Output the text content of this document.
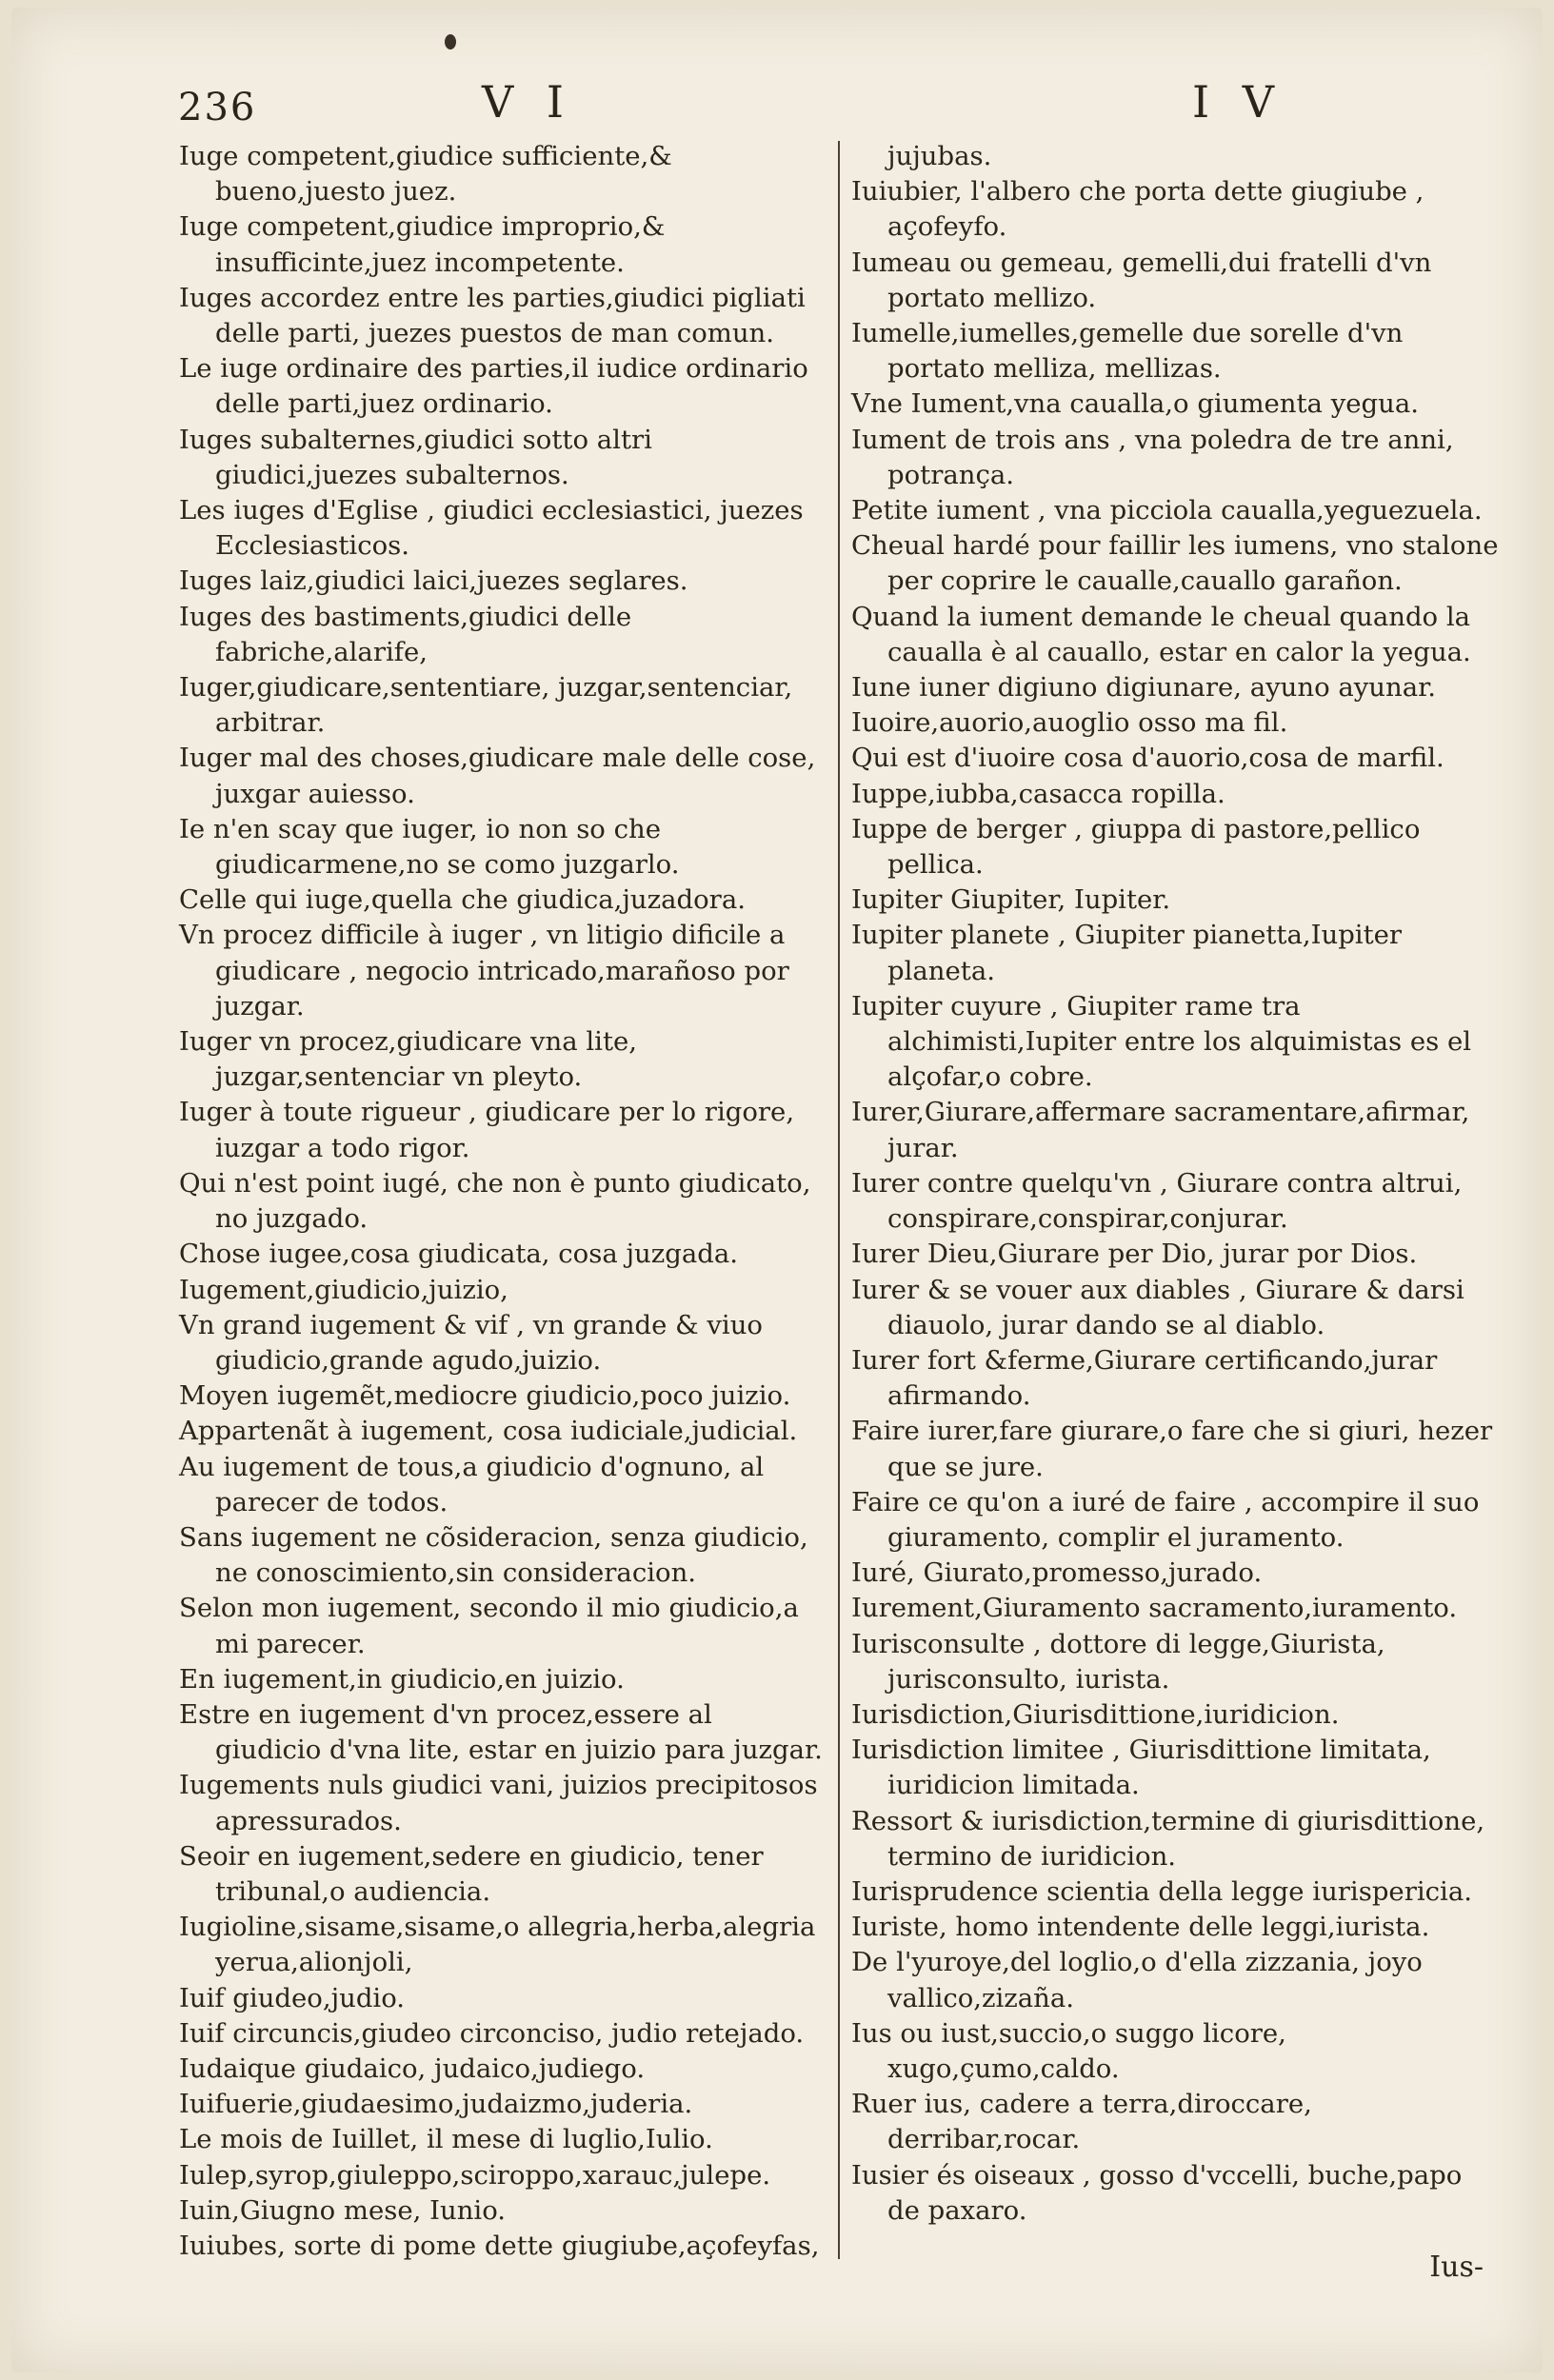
236	V I	I V

Iuge competent,giudice sufficiente,& bueno,juesto juez.

Iuge competent,giudice improprio,& insufficinte,juez incompetente.

Iuges accordez entre les parties,giudici pigliati delle parti, juezes puestos de man comun.

Le iuge ordinaire des parties,il iudice ordinario delle parti,juez ordinario.

Iuges subalternes,giudici sotto altri giudici,juezes subalternos.

Les iuges d'Eglise , giudici ecclesiastici, juezes Ecclesiasticos.

Iuges laiz,giudici laici,juezes seglares.

Iuges des bastiments,giudici delle fabriche,alarife,

Iuger,giudicare,sententiare, juzgar,sentenciar, arbitrar.

Iuger mal des choses,giudicare male delle cose, juxgar auiesso.

Ie n'en scay que iuger, io non so che giudicarmene,no se como juzgarlo.

Celle qui iuge,quella che giudica,juzadora.

Vn procez difficile à iuger , vn litigio dificile a giudicare , negocio intricado,marañoso por juzgar.

Iuger vn procez,giudicare vna lite, juzgar,sentenciar vn pleyto.

Iuger à toute rigueur , giudicare per lo rigore, iuzgar a todo rigor.

Qui n'est point iugé, che non è punto giudicato, no juzgado.

Chose iugee,cosa giudicata, cosa juzgada.

Iugement,giudicio,juizio,

Vn grand iugement & vif , vn grande & viuo giudicio,grande agudo,juizio.

Moyen iugemẽt,mediocre giudicio,poco juizio.

Appartenãt à iugement, cosa iudiciale,judicial.

Au iugement de tous,a giudicio d'ognuno, al parecer de todos.

Sans iugement ne cõsideracion, senza giudicio, ne conoscimiento,sin consideracion.

Selon mon iugement, secondo il mio giudicio,a mi parecer.

En iugement,in giudicio,en juizio.

Estre en iugement d'vn procez,essere al giudicio d'vna lite, estar en juizio para juzgar.

Iugements nuls giudici vani, juizios precipitosos apressurados.

Seoir en iugement,sedere en giudicio, tener tribunal,o audiencia.

Iugioline,sisame,sisame,o allegria,herba,alegria yerua,alionjoli,

Iuif giudeo,judio.

Iuif circuncis,giudeo circonciso, judio retejado.

Iudaique giudaico, judaico,judiego.

Iuifuerie,giudaesimo,judaizmo,juderia.

Le mois de Iuillet, il mese di luglio,Iulio.

Iulep,syrop,giuleppo,sciroppo,xarauc,julepe.

Iuin,Giugno mese, Iunio.

Iuiubes, sorte di pome dette giugiube,açofeyfas,

jujubas.

Iuiubier, l'albero che porta dette giugiube , açofeyfo.

Iumeau ou gemeau, gemelli,dui fratelli d'vn portato mellizo.

Iumelle,iumelles,gemelle due sorelle d'vn portato melliza, mellizas.

Vne Iument,vna caualla,o giumenta yegua.

Iument de trois ans , vna poledra de tre anni, potrança.

Petite iument , vna picciola caualla,yeguezuela.

Cheual hardé pour faillir les iumens, vno stalone per coprire le caualle,cauallo garañon.

Quand la iument demande le cheual quando la caualla è al cauallo, estar en calor la yegua.

Iune iuner digiuno digiunare, ayuno ayunar.

Iuoire,auorio,auoglio osso ma fil.

Qui est d'iuoire cosa d'auorio,cosa de marfil.

Iuppe,iubba,casacca ropilla.

Iuppe de berger , giuppa di pastore,pellico pellica.

Iupiter Giupiter, Iupiter.

Iupiter planete , Giupiter pianetta,Iupiter planeta.

Iupiter cuyure , Giupiter rame tra alchimisti,Iupiter entre los alquimistas es el alçofar,o cobre.

Iurer,Giurare,affermare sacramentare,afirmar, jurar.

Iurer contre quelqu'vn , Giurare contra altrui, conspirare,conspirar,conjurar.

Iurer Dieu,Giurare per Dio, jurar por Dios.

Iurer & se vouer aux diables , Giurare & darsi diauolo, jurar dando se al diablo.

Iurer fort &ferme,Giurare certificando,jurar afirmando.

Faire iurer,fare giurare,o fare che si giuri, hezer que se jure.

Faire ce qu'on a iuré de faire , accompire il suo giuramento, complir el juramento.

Iuré, Giurato,promesso,jurado.

Iurement,Giuramento sacramento,iuramento.

Iurisconsulte , dottore di legge,Giurista, jurisconsulto, iurista.

Iurisdiction,Giurisdittione,iuridicion.

Iurisdiction limitee , Giurisdittione limitata, iuridicion limitada.

Ressort & iurisdiction,termine di giurisdittione, termino de iuridicion.

Iurisprudence scientia della legge iurispericia.

Iuriste, homo intendente delle leggi,iurista.

De l'yuroye,del loglio,o d'ella zizzania, joyo vallico,zizaña.

Ius ou iust,succio,o suggo licore, xugo,çumo,caldo.

Ruer ius, cadere a terra,diroccare, derribar,rocar.

Iusier és oiseaux , gosso d'vccelli, buche,papo de paxaro.

Ius-
